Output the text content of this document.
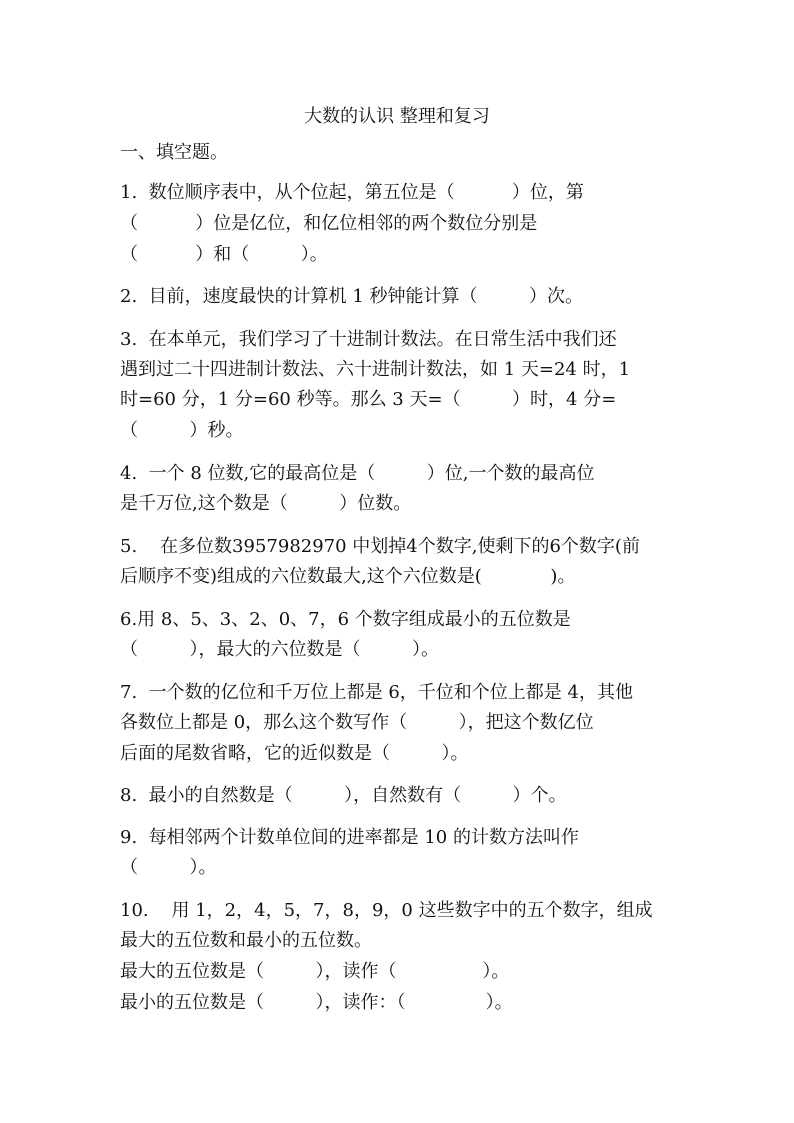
大数的认识 整理和复习
一、填空题。
1.  数位顺序表中，从个位起，第五位是（          ）位，第
（          ）位是亿位，和亿位相邻的两个数位分别是
（          ）和（         ）。
2.  目前，速度最快的计算机 1 秒钟能计算（         ）次。
3.  在本单元，我们学习了十进制计数法。在日常生活中我们还
遇到过二十四进制计数法、六十进制计数法，如 1 天=24 时，1
时=60 分，1 分=60 秒等。那么 3 天=（         ）时，4 分=
（         ）秒。
4.  一个 8 位数,它的最高位是（         ）位,一个数的最高位
是千万位,这个数是（         ）位数。
5.    在多位数3957982970 中划掉4个数字,使剩下的6个数字(前
后顺序不变)组成的六位数最大,这个六位数是(            )。
6.用 8、5、3、2、0、7，6 个数字组成最小的五位数是
（         ），最大的六位数是（         ）。
7.  一个数的亿位和千万位上都是 6，千位和个位上都是 4，其他
各数位上都是 0，那么这个数写作（         ），把这个数亿位
后面的尾数省略，它的近似数是（         ）。
8.  最小的自然数是（         ），自然数有（         ）个。
9.  每相邻两个计数单位间的进率都是 10 的计数方法叫作
（         ）。
10.    用 1，2，4，5，7，8，9，0 这些数字中的五个数字，组成
最大的五位数和最小的五位数。
最大的五位数是（         ），读作（               ）。
最小的五位数是（         ），读作：（              ）。
